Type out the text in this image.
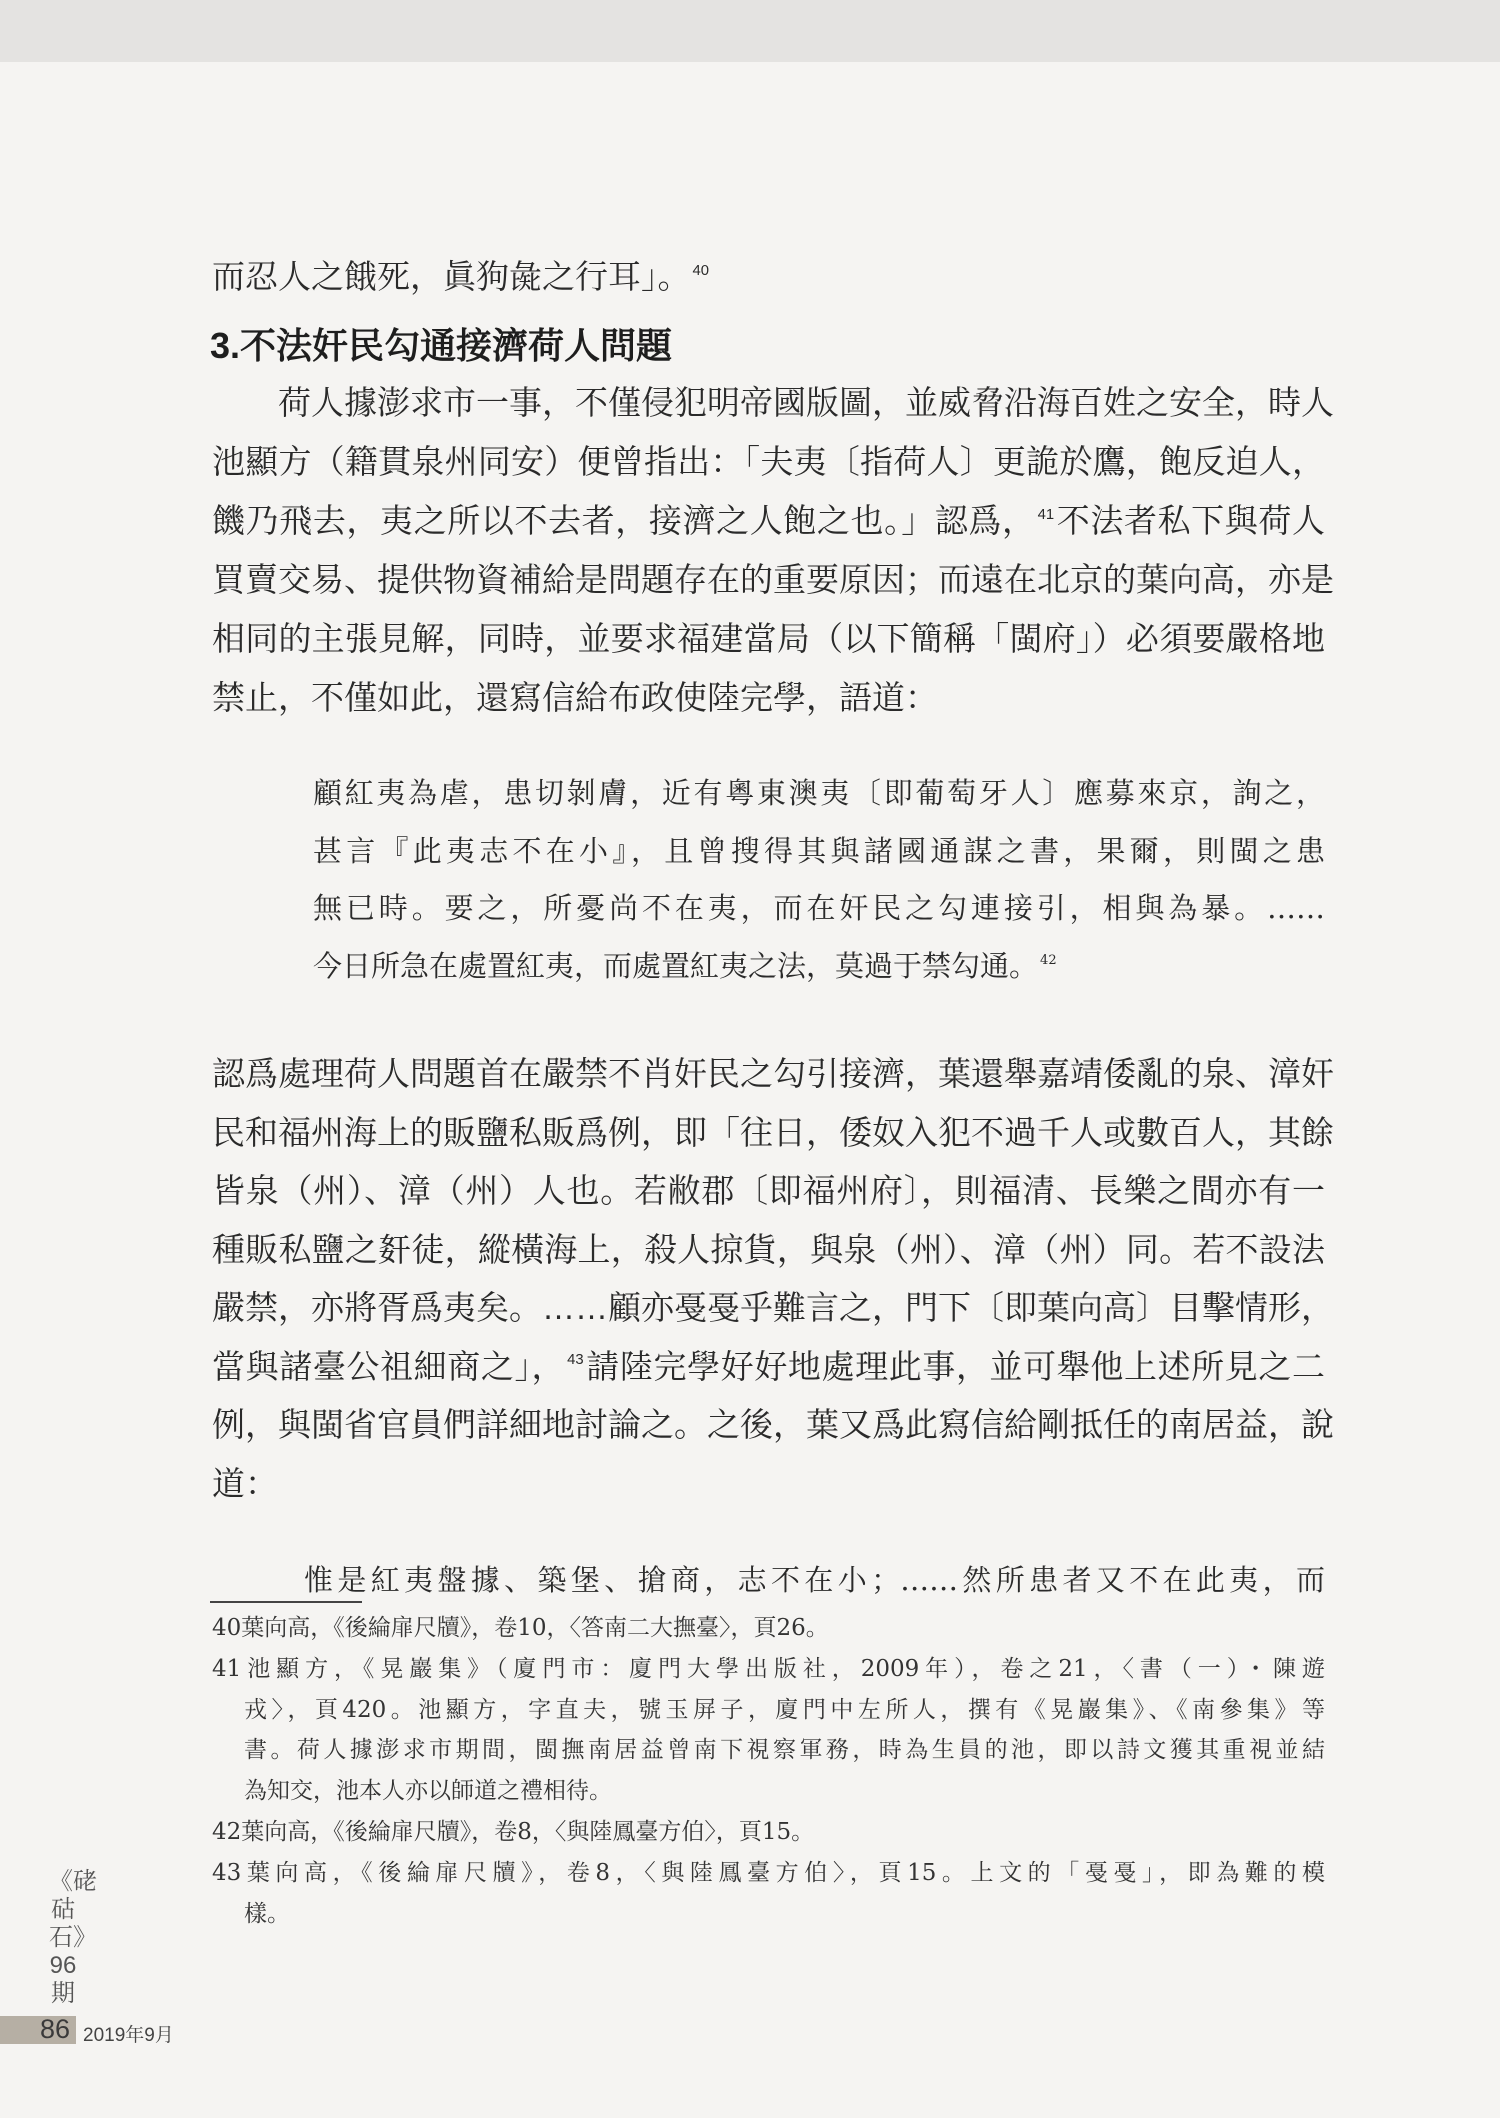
而忍人之餓死，眞狗彘之行耳」。 $^{40}$
3.不法奸民勾通接濟荷人問題
荷人據澎求市一事，不僅侵犯明帝國版圖，並威脅沿海百姓之安全，時人
池顯方（籍貫泉州同安）便曾指出：「夫夷〔指荷人〕更詭於鷹，飽反迫人，
饑乃飛去，夷之所以不去者，接濟之人飽之也。」認爲， $^{41}$不法者私下與荷人
買賣交易、提供物資補給是問題存在的重要原因；而遠在北京的葉向高，亦是
相同的主張見解，同時，並要求福建當局（以下簡稱「閩府」）必須要嚴格地
禁止，不僅如此，還寫信給布政使陸完學，語道：
顧紅夷為虐，患切剝膚，近有粵東澳夷〔即葡萄牙人〕應募來京，詢之，
甚言『此夷志不在小』，且曾搜得其與諸國通謀之書，果爾，則閩之患
無已時。要之，所憂尚不在夷，而在奸民之勾連接引，相與為暴。……
今日所急在處置紅夷，而處置紅夷之法，莫過于禁勾通。 $^{42}$
認爲處理荷人問題首在嚴禁不肖奸民之勾引接濟，葉還舉嘉靖倭亂的泉、漳奸
民和福州海上的販鹽私販爲例，即「往日，倭奴入犯不過千人或數百人，其餘
皆泉（州）、漳（州）人也。若敝郡〔即福州府〕，則福清、長樂之間亦有一
種販私鹽之姧徒，縱橫海上，殺人掠貨，與泉（州）、漳（州）同。若不設法
嚴禁，亦將胥爲夷矣。……顧亦戞戞乎難言之，門下〔即葉向高〕目擊情形，
當與諸臺公祖細商之」， $^{43}$請陸完學好好地處理此事，並可舉他上述所見之二
例，與閩省官員們詳細地討論之。之後，葉又爲此寫信給剛抵任的南居益，說
道：
惟是紅夷盤據、築堡、搶商，志不在小；……然所患者又不在此夷，而
40葉向高，《後綸扉尺牘》，卷10，〈答南二大撫臺〉，頁26。
41池顯方，《晃巖集》（廈門市：廈門大學出版社，2009年），卷之21，〈書（一）・陳遊
戎〉，頁420。池顯方，字直夫，號玉屏子，廈門中左所人，撰有《晃巖集》、《南參集》等
書。荷人據澎求市期間，閩撫南居益曾南下視察軍務，時為生員的池，即以詩文獲其重視並結
為知交，池本人亦以師道之禮相待。
42葉向高，《後綸扉尺牘》，卷8，〈與陸鳳臺方伯〉，頁15。
43葉向高，《後綸扉尺牘》，卷8，〈與陸鳳臺方伯〉，頁15。上文的「戞戞」，即為難的模
樣。
《硓𥑮石》96期
86 2019年9月
